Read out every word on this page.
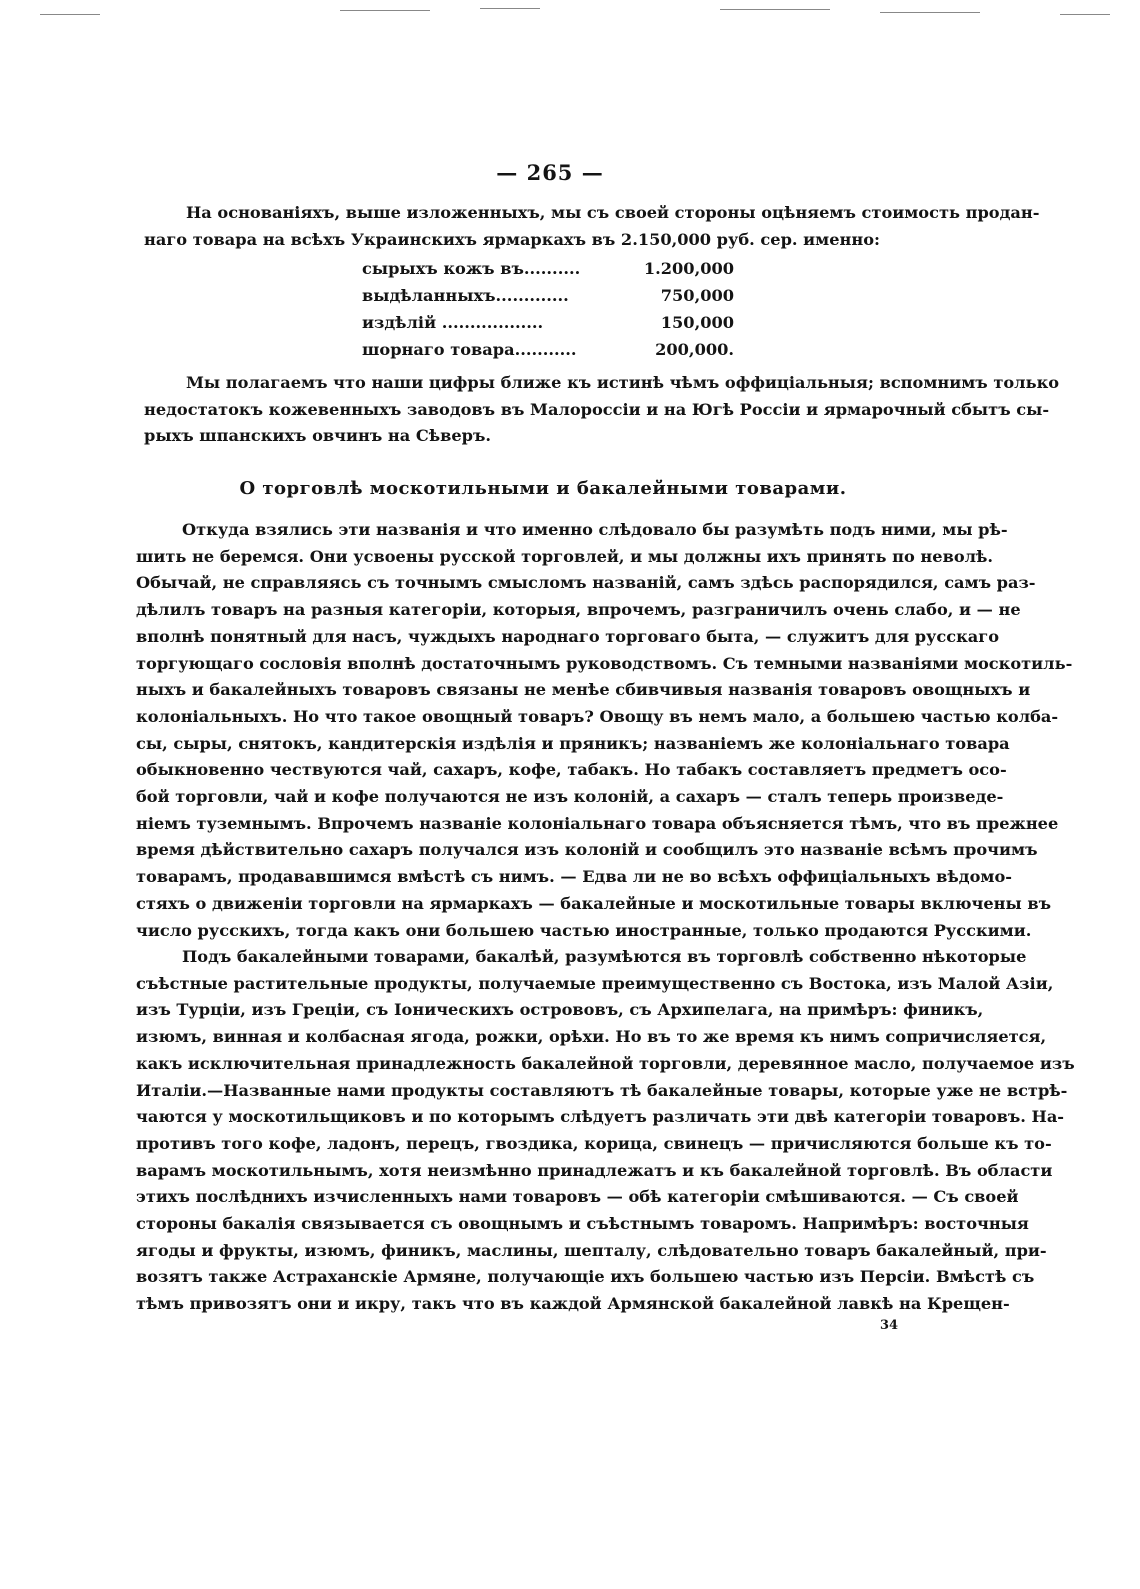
— 265 —
На основаніяхъ, выше изложенныхъ, мы съ своей стороны оцѣняемъ стоимость продан-
наго товара на всѣхъ Украинскихъ ярмаркахъ въ 2.150,000 руб. сер. именно:
сырыхъ кожъ въ..........	1.200,000
выдѣланныхъ.............	750,000
издѣлій ..................	150,000
шорнаго товара...........	200,000.
Мы полагаемъ что наши цифры ближе къ истинѣ чѣмъ оффиціальныя; вспомнимъ только
недостатокъ кожевенныхъ заводовъ въ Малороссіи и на Югѣ Россіи и ярмарочный сбытъ сы-
рыхъ шпанскихъ овчинъ на Сѣверъ.
О торговлѣ москотильными и бакалейными товарами.
Откуда взялись эти названія и что именно слѣдовало бы разумѣть подъ ними, мы рѣ-
шить не беремся. Они усвоены русской торговлей, и мы должны ихъ принять по неволѣ.
Обычай, не справляясь съ точнымъ смысломъ названій, самъ здѣсь распорядился, самъ раз-
дѣлилъ товаръ на разныя категоріи, которыя, впрочемъ, разграничилъ очень слабо, и — не
вполнѣ понятный для насъ, чуждыхъ народнаго торговаго быта, — служитъ для русскаго
торгующаго сословія вполнѣ достаточнымъ руководствомъ. Съ темными названіями москотиль-
ныхъ и бакалейныхъ товаровъ связаны не менѣе сбивчивыя названія товаровъ овощныхъ и
колоніальныхъ. Но что такое овощный товаръ? Овощу въ немъ мало, а большею частью колба-
сы, сыры, снятокъ, кандитерскія издѣлія и пряникъ; названіемъ же колоніальнаго товара
обыкновенно чествуются чай, сахаръ, кофе, табакъ. Но табакъ составляетъ предметъ осо-
бой торговли, чай и кофе получаются не изъ колоній, а сахаръ — сталъ теперь произведе-
ніемъ туземнымъ. Впрочемъ названіе колоніальнаго товара объясняется тѣмъ, что въ прежнее
время дѣйствительно сахаръ получался изъ колоній и сообщилъ это названіе всѣмъ прочимъ
товарамъ, продававшимся вмѣстѣ съ нимъ. — Едва ли не во всѣхъ оффиціальныхъ вѣдомо-
стяхъ о движеніи торговли на ярмаркахъ — бакалейные и москотильные товары включены въ
число русскихъ, тогда какъ они большею частью иностранные, только продаются Русскими.
Подъ бакалейными товарами, бакалѣй, разумѣются въ торговлѣ собственно нѣкоторые
съѣстные растительные продукты, получаемые преимущественно съ Востока, изъ Малой Азіи,
изъ Турціи, изъ Греціи, съ Іоническихъ острововъ, съ Архипелага, на примѣръ: финикъ,
изюмъ, винная и колбасная ягода, рожки, орѣхи. Но въ то же время къ нимъ сопричисляется,
какъ исключительная принадлежность бакалейной торговли, деревянное масло, получаемое изъ
Италіи.—Названные нами продукты составляютъ тѣ бакалейные товары, которые уже не встрѣ-
чаются у москотильщиковъ и по которымъ слѣдуетъ различать эти двѣ категоріи товаровъ. На-
противъ того кофе, ладонъ, перецъ, гвоздика, корица, свинецъ — причисляются больше къ то-
варамъ москотильнымъ, хотя неизмѣнно принадлежатъ и къ бакалейной торговлѣ. Въ области
этихъ послѣднихъ изчисленныхъ нами товаровъ — обѣ категоріи смѣшиваются. — Съ своей
стороны бакалія связывается съ овощнымъ и съѣстнымъ товаромъ. Напримѣръ: восточныя
ягоды и фрукты, изюмъ, финикъ, маслины, шепталу, слѣдовательно товаръ бакалейный, при-
возятъ также Астраханскіе Армяне, получающіе ихъ большею частью изъ Персіи. Вмѣстѣ съ
тѣмъ привозятъ они и икру, такъ что въ каждой Армянской бакалейной лавкѣ на Крещен-
34
